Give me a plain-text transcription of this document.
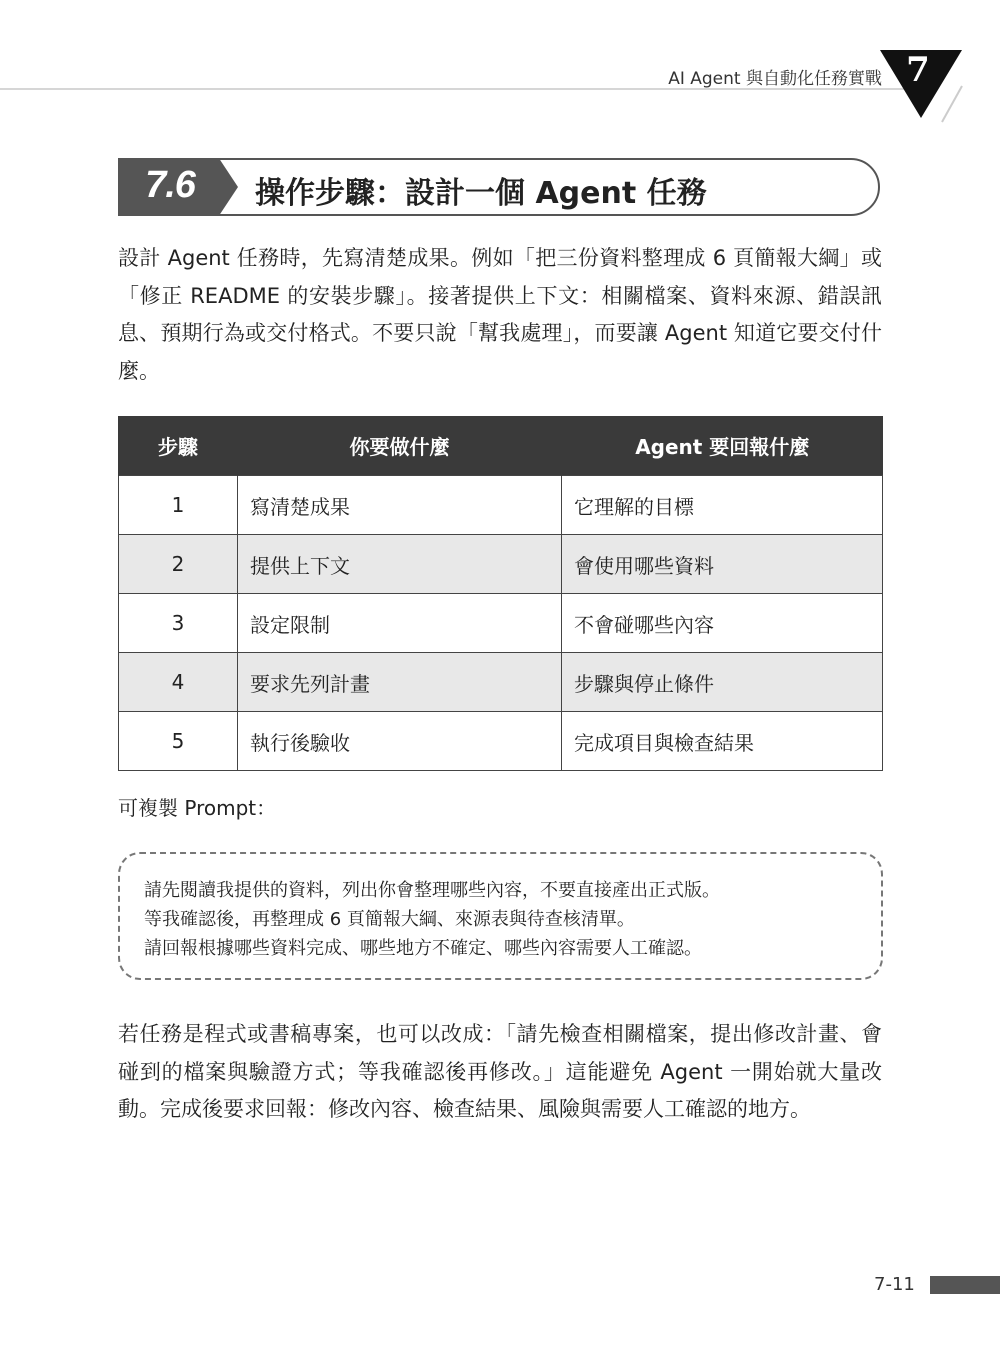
AI Agent 與自動化任務實戰 7
7.6	操作步驟：設計一個 Agent 任務
設計 Agent 任務時，先寫清楚成果。例如「把三份資料整理成 6 頁簡報大綱」或「修正 README 的安裝步驟」。接著提供上下文：相關檔案、資料來源、錯誤訊息、預期行為或交付格式。不要只說「幫我處理」，而要讓 Agent 知道它要交付什麼。
步驟	你要做什麼	Agent 要回報什麼
1	寫清楚成果	它理解的目標
2	提供上下文	會使用哪些資料
3	設定限制	不會碰哪些內容
4	要求先列計畫	步驟與停止條件
5	執行後驗收	完成項目與檢查結果
可複製 Prompt：
請先閱讀我提供的資料，列出你會整理哪些內容，不要直接產出正式版。
等我確認後，再整理成 6 頁簡報大綱、來源表與待查核清單。
請回報根據哪些資料完成、哪些地方不確定、哪些內容需要人工確認。
若任務是程式或書稿專案，也可以改成：「請先檢查相關檔案，提出修改計畫、會碰到的檔案與驗證方式；等我確認後再修改。」這能避免 Agent 一開始就大量改動。完成後要求回報：修改內容、檢查結果、風險與需要人工確認的地方。
7-11
